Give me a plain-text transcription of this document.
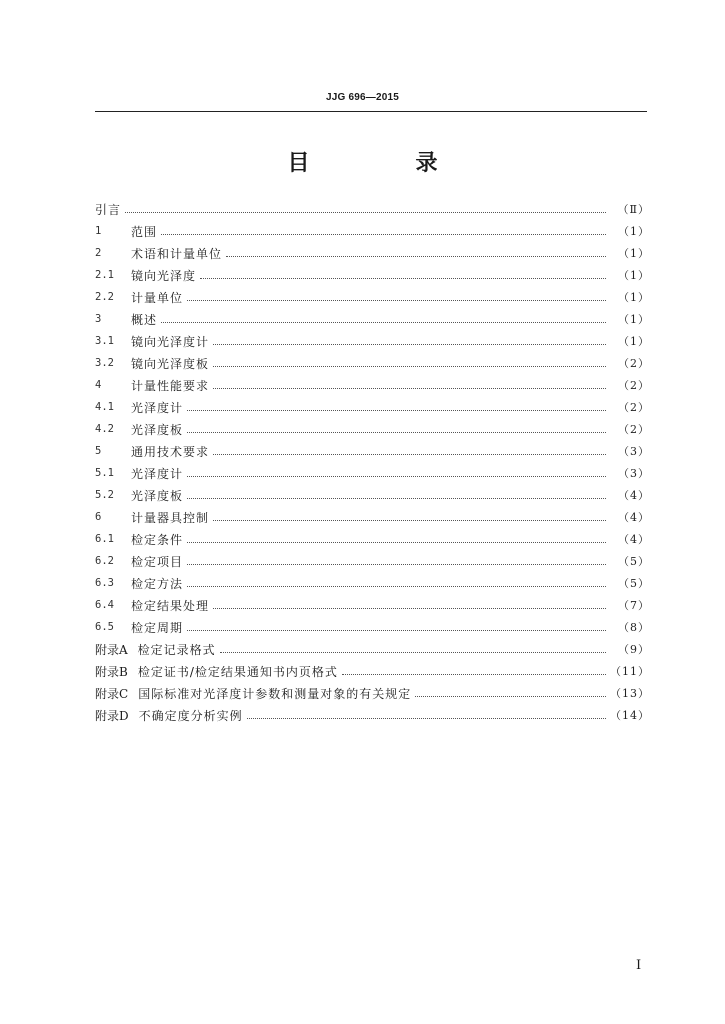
JJG 696—2015
目　录
引言	（Ⅱ）
1	范围	（1）
2	术语和计量单位	（1）
2.1	镜向光泽度	（1）
2.2	计量单位	（1）
3	概述	（1）
3.1	镜向光泽度计	（1）
3.2	镜向光泽度板	（2）
4	计量性能要求	（2）
4.1	光泽度计	（2）
4.2	光泽度板	（2）
5	通用技术要求	（3）
5.1	光泽度计	（3）
5.2	光泽度板	（4）
6	计量器具控制	（4）
6.1	检定条件	（4）
6.2	检定项目	（5）
6.3	检定方法	（5）
6.4	检定结果处理	（7）
6.5	检定周期	（8）
附录A 检定记录格式	（9）
附录B 检定证书/检定结果通知书内页格式	（11）
附录C 国际标准对光泽度计参数和测量对象的有关规定	（13）
附录D 不确定度分析实例	（14）
I
